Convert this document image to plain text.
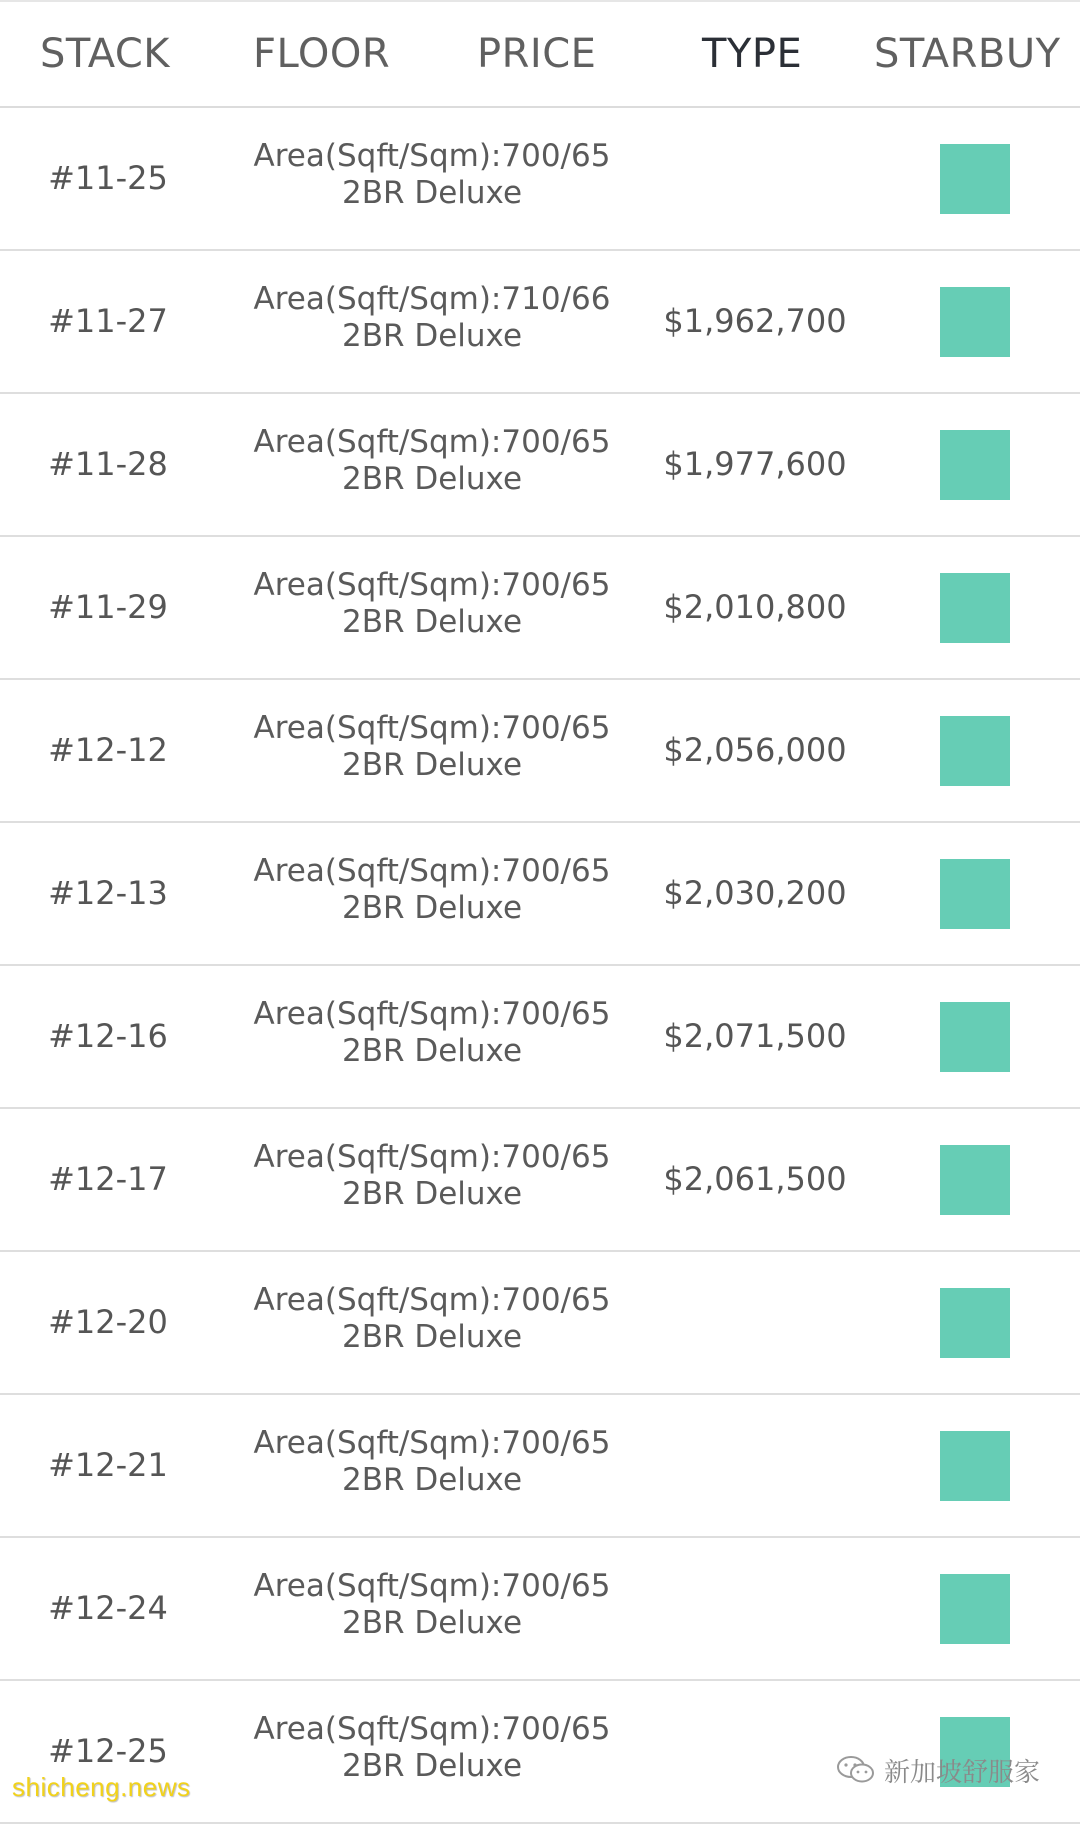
STACK FLOOR PRICE	TYPE STARBUY
#11-25
Area(Sqft/Sqm):700/65
2BR Deluxe
#11-27
Area(Sqft/Sqm):710/66
2BR Deluxe	$1,962,700
#11-28
Area(Sqft/Sqm):700/65
2BR Deluxe	$1,977,600
#11-29
Area(Sqft/Sqm):700/65
2BR Deluxe	$2,010,800
#12-12
Area(Sqft/Sqm):700/65
2BR Deluxe	$2,056,000
#12-13
Area(Sqft/Sqm):700/65
2BR Deluxe	$2,030,200
#12-16
Area(Sqft/Sqm):700/65
2BR Deluxe	$2,071,500
#12-17
Area(Sqft/Sqm):700/65
2BR Deluxe	$2,061,500
#12-20
Area(Sqft/Sqm):700/65
2BR Deluxe
#12-21
Area(Sqft/Sqm):700/65
2BR Deluxe
#12-24
Area(Sqft/Sqm):700/65
2BR Deluxe
#12-25
Area(Sqft/Sqm):700/65
2BR Deluxe
shicheng.news	新加坡舒服家
